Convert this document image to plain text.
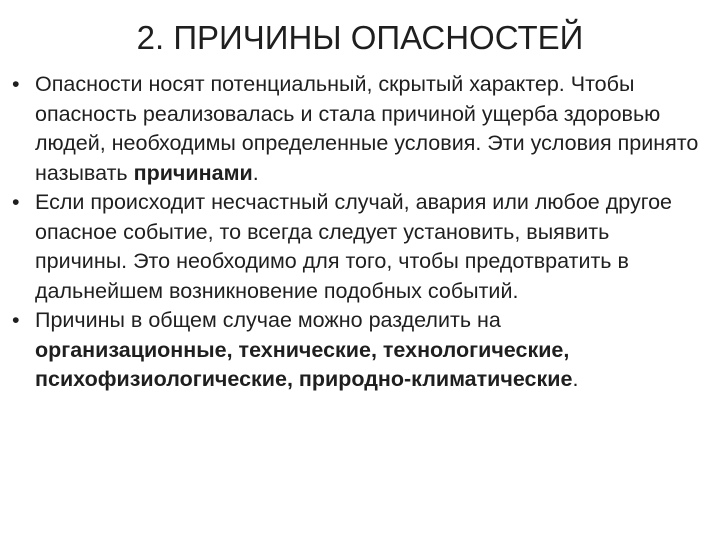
2. ПРИЧИНЫ ОПАСНОСТЕЙ
• Опасности носят потенциальный, скрытый характер. Чтобы опасность реализовалась и стала причиной ущерба здоровью людей, необходимы определенные условия. Эти условия принято называть причинами.
• Если происходит несчастный случай, авария или любое другое опасное событие, то всегда следует установить, выявить причины. Это необходимо для того, чтобы предотвратить в дальнейшем возникновение подобных событий.
• Причины в общем случае можно разделить на организационные, технические, технологические, психофизиологические, природно-климатические.
